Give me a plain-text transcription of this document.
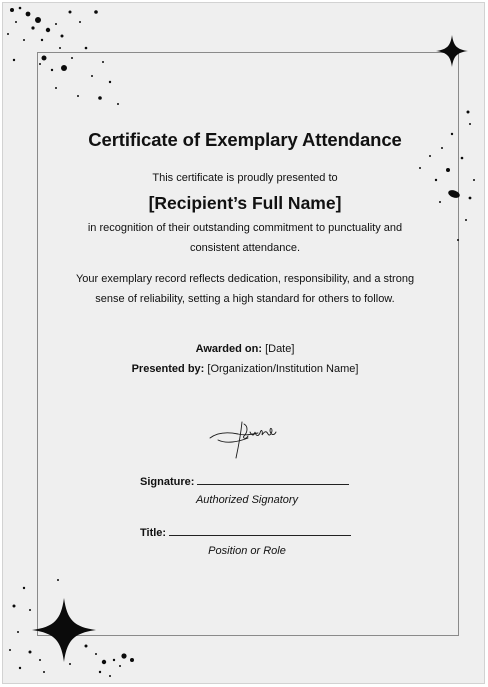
Certificate of Exemplary Attendance
This certificate is proudly presented to
[Recipient’s Full Name]
in recognition of their outstanding commitment to punctuality and consistent attendance.
Your exemplary record reflects dedication, responsibility, and a strong sense of reliability, setting a high standard for others to follow.
Awarded on: [Date]
Presented by: [Organization/Institution Name]
Signature:
Authorized Signatory
Title:
Position or Role
